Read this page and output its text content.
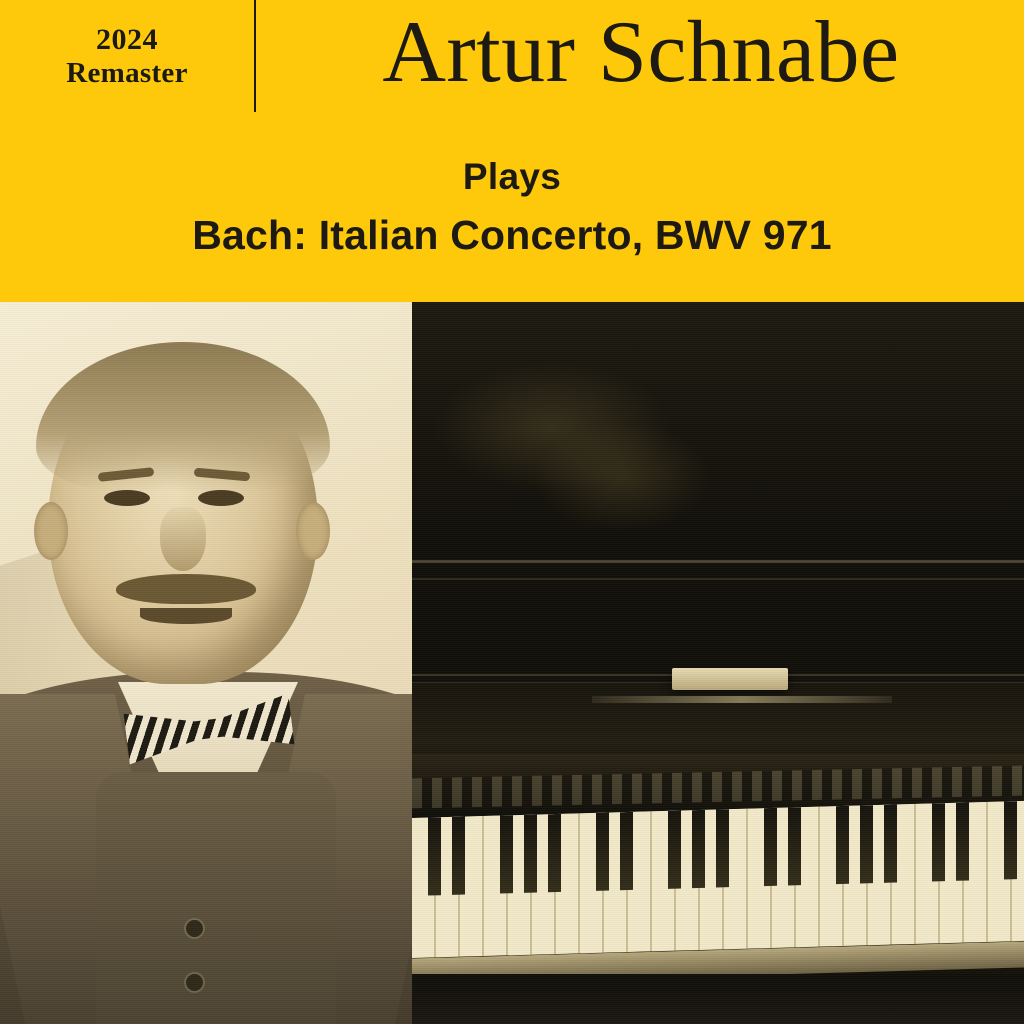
2024
Remaster	Artur Schnabe
Plays
Bach: Italian Concerto, BWV 971
